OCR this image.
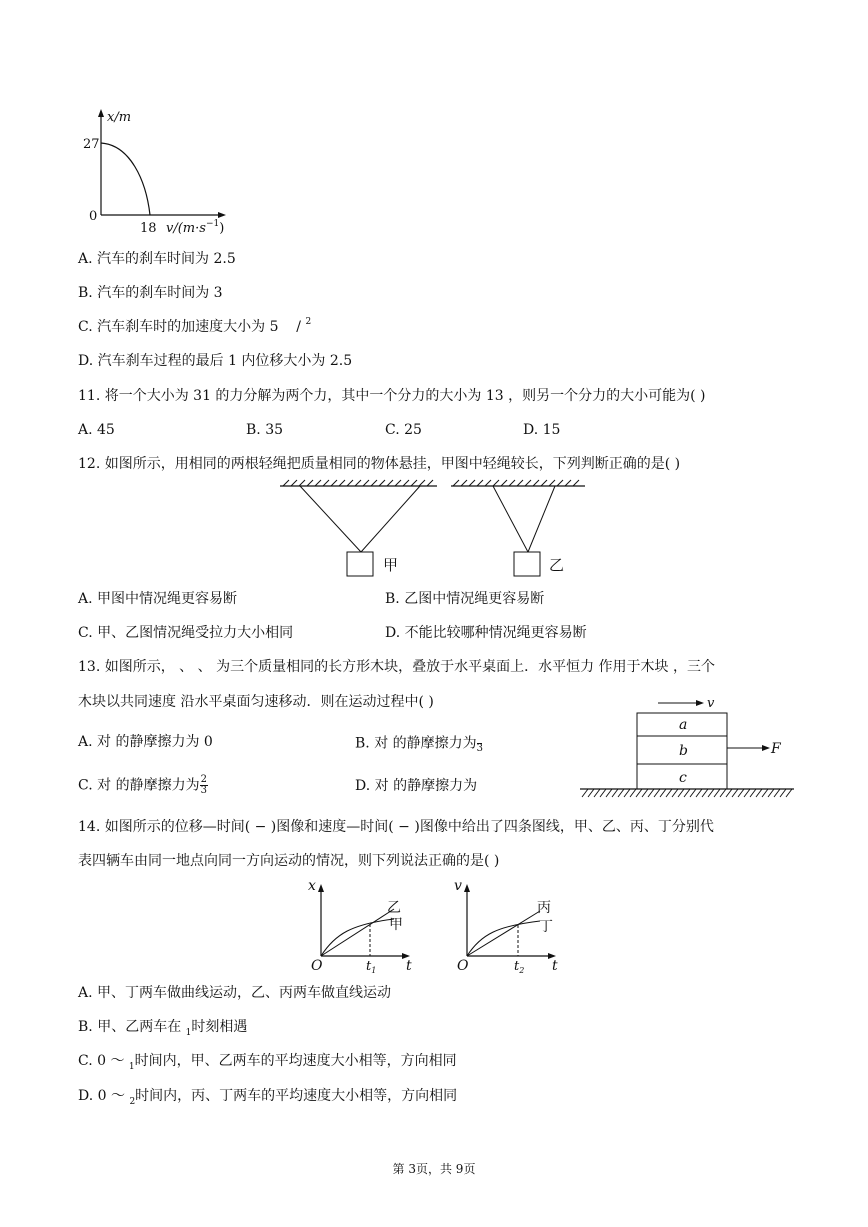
x/m
27
0
18 $v/(m\cdot s^{-1})$
A. 汽车的刹车时间为 2.5
B. 汽车的刹车时间为 3
C. 汽车刹车时的加速度大小为 5 / $^2$
D. 汽车刹车过程的最后 1 内位移大小为 2.5
11. 将一个大小为 31 的力分解为两个力，其中一个分力的大小为 13 ，则另一个分力的大小可能为( )
A. 45	B. 35	C. 25	D. 15
12. 如图所示，用相同的两根轻绳把质量相同的物体悬挂，甲图中轻绳较长，下列判断正确的是( )
甲	乙
A. 甲图中情况绳更容易断	B. 乙图中情况绳更容易断
C. 甲、乙图情况绳受拉力大小相同	D. 不能比较哪种情况绳更容易断
13. 如图所示， 、 、 为三个质量相同的长方形木块，叠放于水平桌面上．水平恒力 作用于木块 ，三个
木块以共同速度 沿水平桌面匀速移动．则在运动过程中( )
A. 对 的静摩擦力为 0	B. 对 的静摩擦力为
3
C. 对 的静摩擦力为 $\frac{2}{3}$	D. 对 的静摩擦力为
v
a
b
c
F
14. 如图所示的位移—时间( − )图像和速度—时间( − )图像中给出了四条图线，甲、乙、丙、丁分别代
表四辆车由同一地点向同一方向运动的情况，则下列说法正确的是( )
x
O	t
$t_1$
乙
甲
v
O	t
$t_2$
丙
丁
A. 甲、丁两车做曲线运动，乙、丙两车做直线运动
B. 甲、乙两车在 $_1$时刻相遇
C. 0 ～ $_1$时间内，甲、乙两车的平均速度大小相等，方向相同
D. 0 ～ $_2$时间内，丙、丁两车的平均速度大小相等，方向相同
第 3页，共 9页
